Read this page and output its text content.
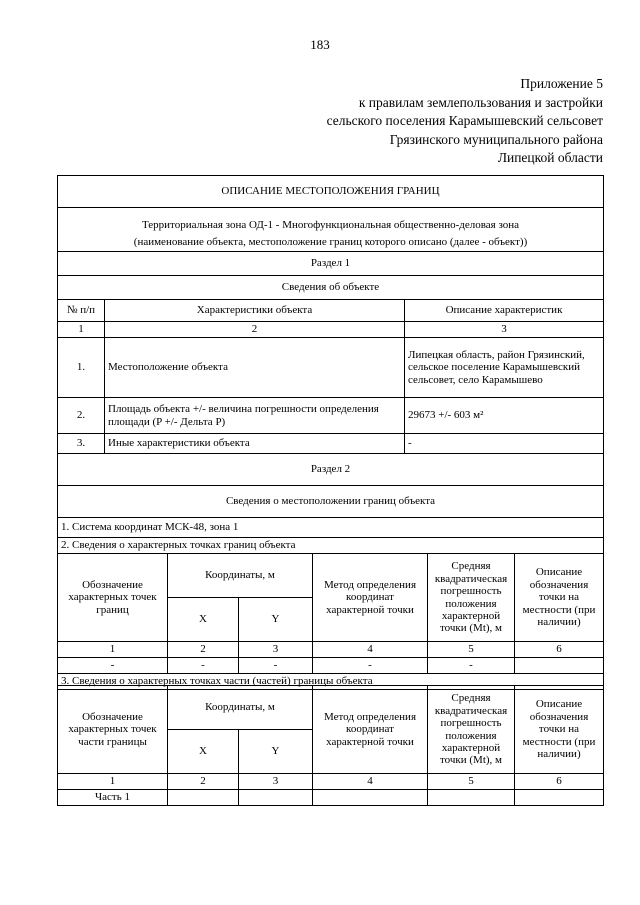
183
Приложение 5
к правилам землепользования и застройки
сельского поселения Карамышевский сельсовет
Грязинского муниципального района
Липецкой области
ОПИСАНИЕ МЕСТОПОЛОЖЕНИЯ ГРАНИЦ		

Территориальная зона ОД-1 - Многофункциональная общественно-деловая зона
(наименование объекта, местоположение границ которого описано (далее - объект))		

Раздел 1		
Сведения об объекте		
№ п/п	Характеристики объекта	Описание характеристик
1	2	3
1.	Местоположение объекта	Липецкая область, район Грязинский, сельское поселение Карамышевский сельсовет, село Карамышево
2.	Площадь объекта +/- величина погрешности определения площади (P +/- Дельта P)	29673 +/- 603 м²
3.	Иные характеристики объекта	-
Раздел 2		
Сведения о местоположении границ объекта		
1. Система координат МСК-48, зона 1		
2. Сведения о характерных точках границ объекта		
Обозначение характерных точек границ	Координаты, м		Метод определения координат характерной точки	Средняя квадратическая погрешность положения характерной точки (Mt), м	Описание обозначения точки на местности (при наличии)
	X	Y			
1	2	3	4	5	6
-	-	-	-	-	
3. Сведения о характерных точках части (частей) границы объекта					
Обозначение характерных точек части границы	Координаты, м		Метод определения координат характерной точки	Средняя квадратическая погрешность положения характерной точки (Mt), м	Описание обозначения точки на местности (при наличии)
	X	Y			
1	2	3	4	5	6
Часть 1					
